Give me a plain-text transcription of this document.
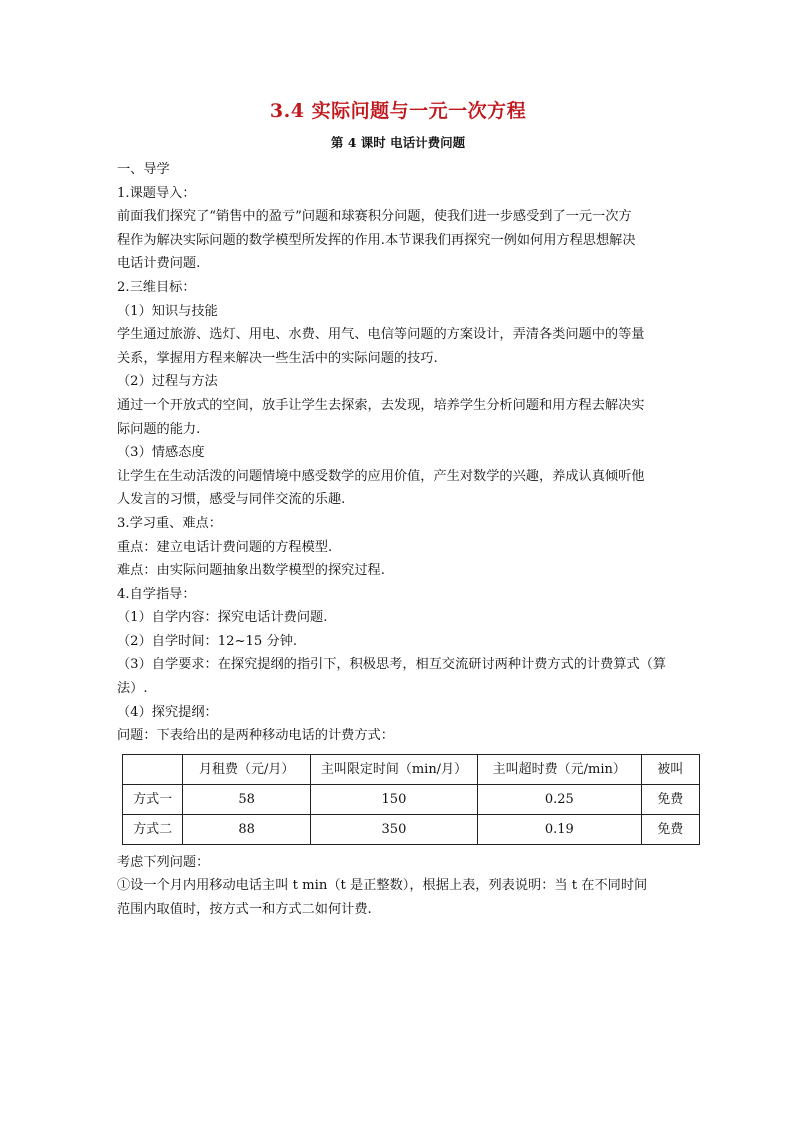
3.4 实际问题与一元一次方程
第 4 课时 电话计费问题

一、导学

1.课题导入：

前面我们探究了“销售中的盈亏”问题和球赛积分问题，使我们进一步感受到了一元一次方

程作为解决实际问题的数学模型所发挥的作用.本节课我们再探究一例如何用方程思想解决

电话计费问题.

2.三维目标：

（1）知识与技能

学生通过旅游、选灯、用电、水费、用气、电信等问题的方案设计，弄清各类问题中的等量

关系，掌握用方程来解决一些生活中的实际问题的技巧.

（2）过程与方法

通过一个开放式的空间，放手让学生去探索，去发现，培养学生分析问题和用方程去解决实

际问题的能力.

（3）情感态度

让学生在生动活泼的问题情境中感受数学的应用价值，产生对数学的兴趣，养成认真倾听他

人发言的习惯，感受与同伴交流的乐趣.

3.学习重、难点：

重点：建立电话计费问题的方程模型.

难点：由实际问题抽象出数学模型的探究过程.

4.自学指导：

（1）自学内容：探究电话计费问题.

（2）自学时间：12~15 分钟.

（3）自学要求：在探究提纲的指引下，积极思考，相互交流研讨两种计费方式的计费算式（算

法）.

（4）探究提纲：

问题：下表给出的是两种移动电话的计费方式：

	月租费（元/月）	主叫限定时间（min/月）	主叫超时费（元/min）	被叫
方式一	58	150	0.25	免费
方式二	88	350	0.19	免费

考虑下列问题：

①设一个月内用移动电话主叫 t min（t 是正整数），根据上表，列表说明：当 t 在不同时间

范围内取值时，按方式一和方式二如何计费.
